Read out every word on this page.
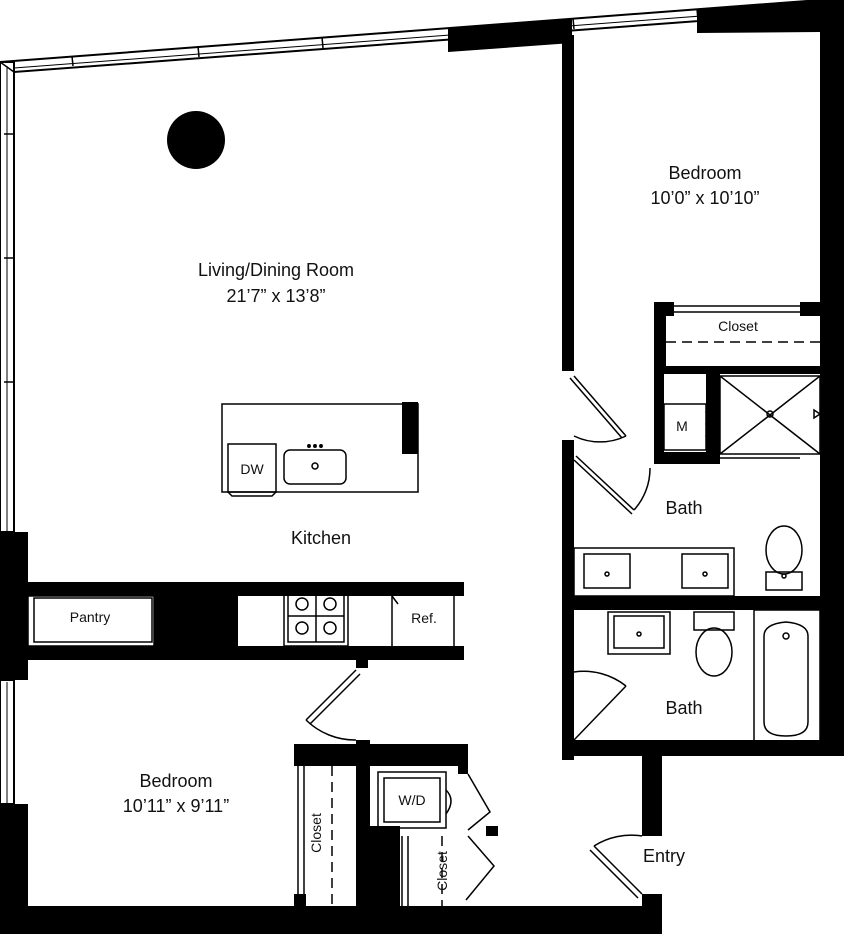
Living/Dining Room
21’7” x 13’8”
Kitchen
Bedroom
10’0” x 10’10”
Bedroom
10’11” x 9’11”
Bath
Bath
Entry
Closet
Closet
Closet
DW
Pantry	Ref.
W/D
M
